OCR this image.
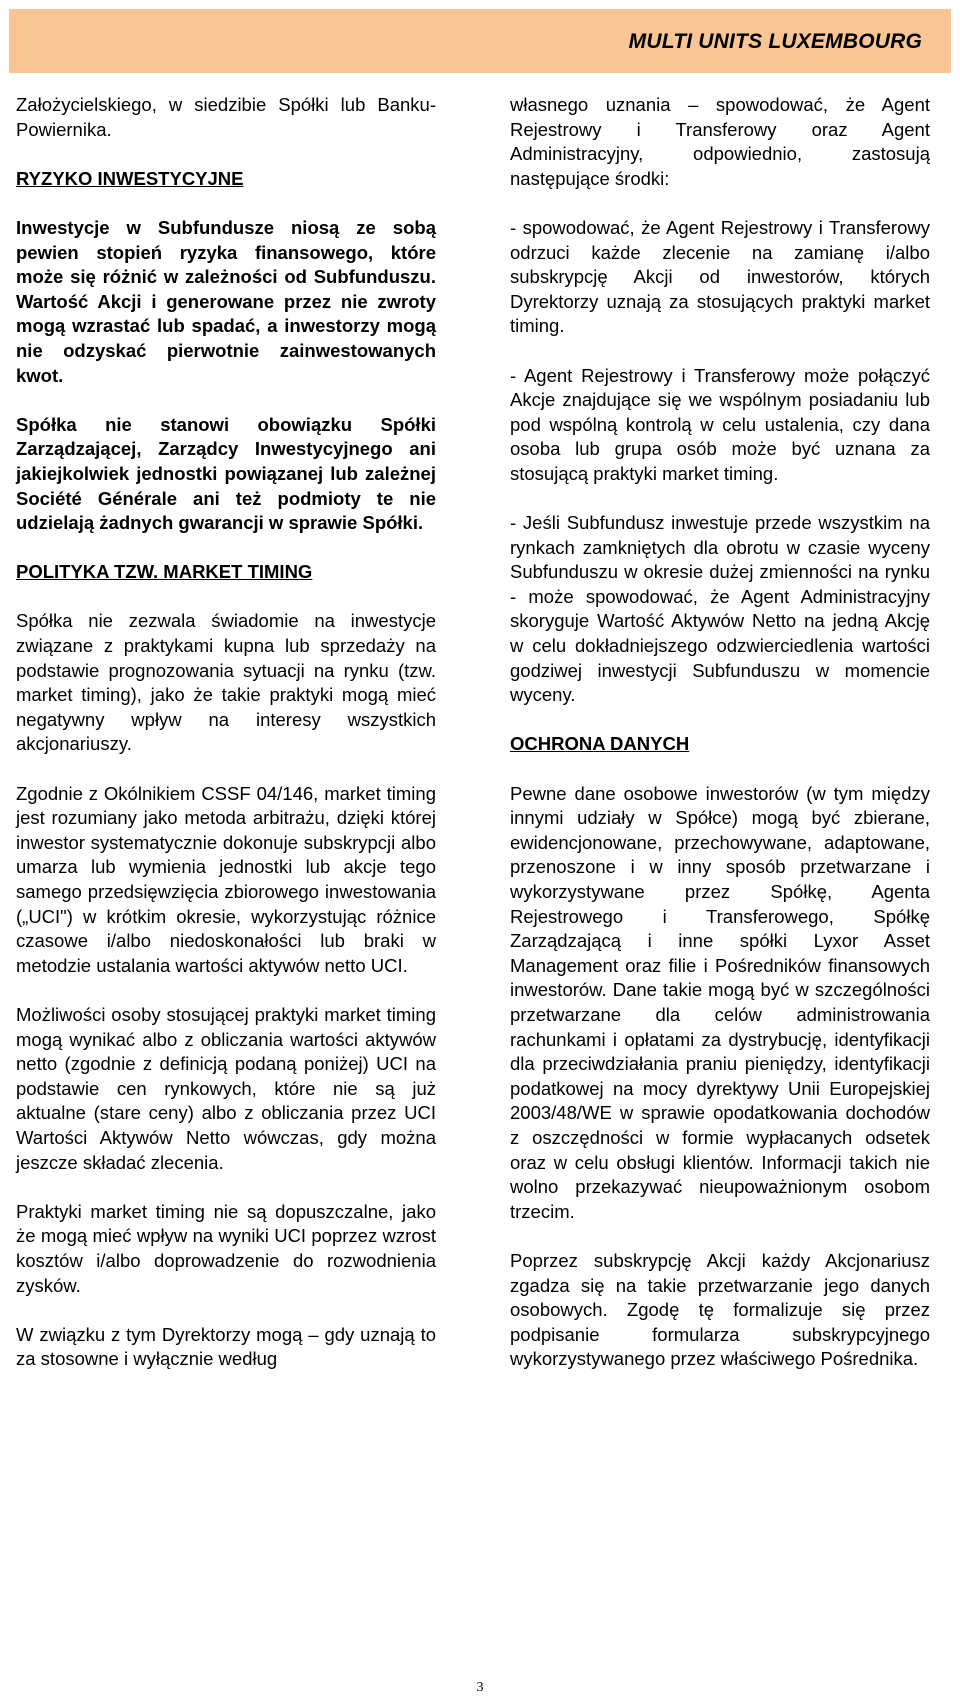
MULTI UNITS LUXEMBOURG

Założycielskiego, w siedzibie Spółki lub Banku-Powiernika.

RYZYKO INWESTYCYJNE

Inwestycje w Subfundusze niosą ze sobą pewien stopień ryzyka finansowego, które może się różnić w zależności od Subfunduszu. Wartość Akcji i generowane przez nie zwroty mogą wzrastać lub spadać, a inwestorzy mogą nie odzyskać pierwotnie zainwestowanych kwot.

Spółka nie stanowi obowiązku Spółki Zarządzającej, Zarządcy Inwestycyjnego ani jakiejkolwiek jednostki powiązanej lub zależnej Société Générale ani też podmioty te nie udzielają żadnych gwarancji w sprawie Spółki.

POLITYKA TZW. MARKET TIMING

Spółka nie zezwala świadomie na inwestycje związane z praktykami kupna lub sprzedaży na podstawie prognozowania sytuacji na rynku (tzw. market timing), jako że takie praktyki mogą mieć negatywny wpływ na interesy wszystkich akcjonariuszy.

Zgodnie z Okólnikiem CSSF 04/146, market timing jest rozumiany jako metoda arbitrażu, dzięki której inwestor systematycznie dokonuje subskrypcji albo umarza lub wymienia jednostki lub akcje tego samego przedsięwzięcia zbiorowego inwestowania („UCI") w krótkim okresie, wykorzystując różnice czasowe i/albo niedoskonałości lub braki w metodzie ustalania wartości aktywów netto UCI.

Możliwości osoby stosującej praktyki market timing mogą wynikać albo z obliczania wartości aktywów netto (zgodnie z definicją podaną poniżej) UCI na podstawie cen rynkowych, które nie są już aktualne (stare ceny) albo z obliczania przez UCI Wartości Aktywów Netto wówczas, gdy można jeszcze składać zlecenia.

Praktyki market timing nie są dopuszczalne, jako że mogą mieć wpływ na wyniki UCI poprzez wzrost kosztów i/albo doprowadzenie do rozwodnienia zysków.

W związku z tym Dyrektorzy mogą – gdy uznają to za stosowne i wyłącznie według

własnego uznania – spowodować, że Agent Rejestrowy i Transferowy oraz Agent Administracyjny, odpowiednio, zastosują następujące środki:

- spowodować, że Agent Rejestrowy i Transferowy odrzuci każde zlecenie na zamianę i/albo subskrypcję Akcji od inwestorów, których Dyrektorzy uznają za stosujących praktyki market timing.

- Agent Rejestrowy i Transferowy może połączyć Akcje znajdujące się we wspólnym posiadaniu lub pod wspólną kontrolą w celu ustalenia, czy dana osoba lub grupa osób może być uznana za stosującą praktyki market timing.

- Jeśli Subfundusz inwestuje przede wszystkim na rynkach zamkniętych dla obrotu w czasie wyceny Subfunduszu w okresie dużej zmienności na rynku - może spowodować, że Agent Administracyjny skoryguje Wartość Aktywów Netto na jedną Akcję w celu dokładniejszego odzwierciedlenia wartości godziwej inwestycji Subfunduszu w momencie wyceny.

OCHRONA DANYCH

Pewne dane osobowe inwestorów (w tym między innymi udziały w Spółce) mogą być zbierane, ewidencjonowane, przechowywane, adaptowane, przenoszone i w inny sposób przetwarzane i wykorzystywane przez Spółkę, Agenta Rejestrowego i Transferowego, Spółkę Zarządzającą i inne spółki Lyxor Asset Management oraz filie i Pośredników finansowych inwestorów. Dane takie mogą być w szczególności przetwarzane dla celów administrowania rachunkami i opłatami za dystrybucję, identyfikacji dla przeciwdziałania praniu pieniędzy, identyfikacji podatkowej na mocy dyrektywy Unii Europejskiej 2003/48/WE w sprawie opodatkowania dochodów z oszczędności w formie wypłacanych odsetek oraz w celu obsługi klientów. Informacji takich nie wolno przekazywać nieupoważnionym osobom trzecim.

Poprzez subskrypcję Akcji każdy Akcjonariusz zgadza się na takie przetwarzanie jego danych osobowych. Zgodę tę formalizuje się przez podpisanie formularza subskrypcyjnego wykorzystywanego przez właściwego Pośrednika.

3
